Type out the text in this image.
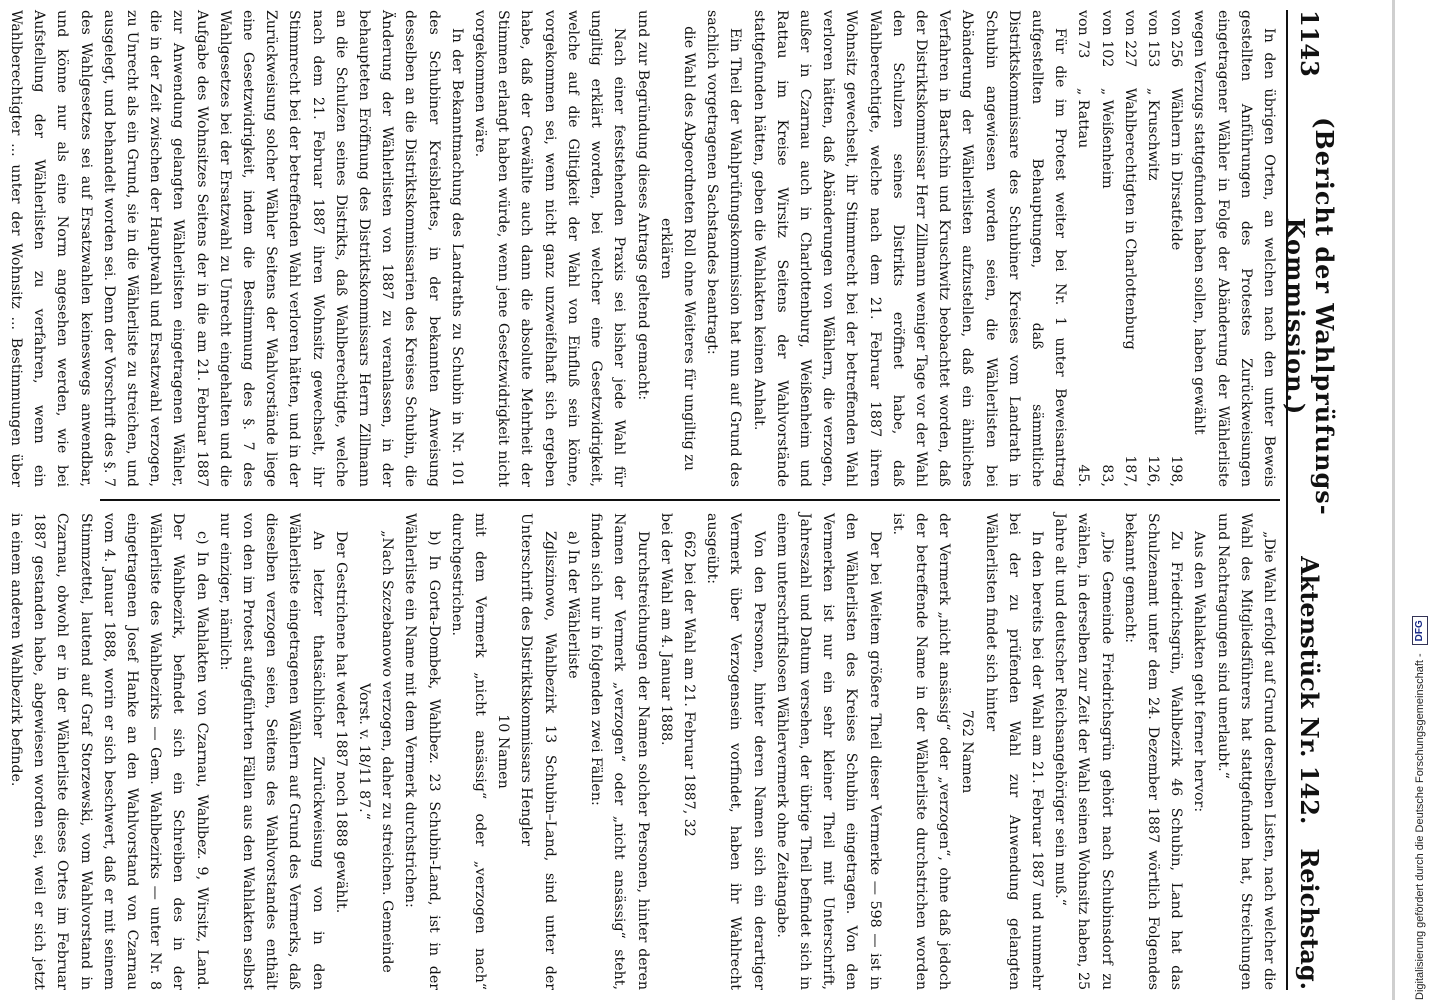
1143
(Bericht der Wahlprüfungs-Kommission.)
Aktenstück Nr. 142.
Reichstag.

In den übrigen Orten, an welchen nach den unter Beweis gestellten Anführungen des Protestes Zurückweisungen eingetragener Wähler in Folge der Abänderung der Wählerliste wegen Verzugs stattgefunden haben sollen, haben gewählt

von 256	Wählern in Dirsatfelde	198,
von 153	„ Kruschwitz	126,
von 227	Wahlberechtigten in Charlottenburg	187,
von 102	„ Weißenheim	83,
von 73	„ Rattau	45.

Für die im Protest weiter bei Nr. 1 unter Beweisantrag aufgestellten Behauptungen, daß sämmtliche Distriktskommissare des Schubiner Kreises vom Landrath in Schubin angewiesen worden seien, die Wählerlisten bei Abänderung der Wählerlisten aufzustellen, daß ein ähnliches Verfahren in Bartschin und Kruschwitz beobachtet worden, daß der Distriktskommissar Herr Zillmann weniger Tage vor der Wahl den Schulzen seines Distrikts eröffnet habe, daß Wahlberechtigte, welche nach dem 21. Februar 1887 ihren Wohnsitz gewechselt, ihr Stimmrecht bei der betreffenden Wahl verloren hätten, daß Abänderungen von Wählern, die verzogen, außer in Czarnau auch in Charlottenburg, Weißenheim und Rattau im Kreise Wirsitz Seitens der Wahlvorstände stattgefunden hätten, geben die Wahlakten keinen Anhalt.

Ein Theil der Wahlprüfungskommission hat nun auf Grund des sachlich vorgetragenen Sachstandes beantragt:

die Wahl des Abgeordneten Roll ohne Weiteres für ungiltig zu erklären

und zur Begründung dieses Antrags geltend gemacht:

Nach einer feststehenden Praxis sei bisher jede Wahl für ungiltig erklärt worden, bei welcher eine Gesetzwidrigkeit, welche auf die Giltigkeit der Wahl von Einfluß sein könne, vorgekommen sei, wenn nicht ganz unzweifelhaft sich ergeben habe, daß der Gewählte auch dann die absolute Mehrheit der Stimmen erlangt haben würde, wenn jene Gesetzwidrigkeit nicht vorgekommen wäre.

In der Bekanntmachung des Landraths zu Schubin in Nr. 101 des Schubiner Kreisblattes, in der bekannten Anweisung desselben an die Distriktskommissarien des Kreises Schubin, die Änderung der Wählerlisten von 1887 zu veranlassen, in der behaupteten Eröffnung des Distriktskommissars Herrn Zillmann an die Schulzen seines Distrikts, daß Wahlberechtigte, welche nach dem 21. Februar 1887 ihren Wohnsitz gewechselt, ihr Stimmrecht bei der betreffenden Wahl verloren hätten, und in der Zurückweisung solcher Wähler Seitens der Wahlvorstände liege eine Gesetzwidrigkeit, indem die Bestimmung des §. 7 des Wahlgesetzes bei der Ersatzwahl zu Unrecht eingehalten und die Aufgabe des Wohnsitzes Seitens der in die am 21. Februar 1887 zur Anwendung gelangten Wählerlisten eingetragenen Wähler, die in der Zeit zwischen der Hauptwahl und Ersatzwahl verzogen, zu Unrecht als ein Grund, sie in die Wählerliste zu streichen, und ausgelegt, und behandelt worden sei. Denn der Vorschrift des §. 7 des Wahlgesetzes sei auf Ersatzwahlen keineswegs anwendbar, und könne nur als eine Norm angesehen werden, wie bei Aufstellung der Wählerlisten zu verfahren, wenn ein Wahlberechtigter ... unter der Wohnsitz ... Bestimmungen über

„Die Wahl erfolgt auf Grund derselben Listen, nach welcher die Wahl des Mitgliedsführers hat stattgefunden hat, Streichungen und Nachtragungen sind unerlaubt.“

Aus den Wahlakten geht ferner hervor:

Zu Friedrichsgrün, Wahlbezirk 46 Schubin, Land hat das Schulzenamt unter dem 24. Dezember 1887 wörtlich Folgendes bekannt gemacht:

„Die Gemeinde Friedrichsgrün gehört nach Schubinsdorf zu wählen, in derselben zur Zeit der Wahl seinen Wohnsitz haben, 25 Jahre alt und deutscher Reichsangehöriger sein muß.“

In den bereits bei der Wahl am 21. Februar 1887 und nunmehr bei der zu prüfenden Wahl zur Anwendung gelangten Wählerlisten findet sich hinter

762 Namen

der Vermerk „nicht ansässig“ oder „verzogen“, ohne daß jedoch der betreffende Name in der Wählerliste durchstrichen worden ist.

Der bei Weitem größere Theil dieser Vermerke — 598 — ist in den Wählerlisten des Kreises Schubin eingetragen. Von den Vermerken ist nur ein sehr kleiner Theil mit Unterschrift, Jahreszahl und Datum versehen, der übrige Theil befindet sich in einem unterschriftslosen Wählervermerk ohne Zeitangabe.

Von den Personen, hinter deren Namen sich ein derartiger Vermerk über Verzogensein vorfindet, haben ihr Wahlrecht ausgeübt:

662 bei der Wahl am 21. Februar 1887, 32

bei der Wahl am 4. Januar 1888.

Durchstreichungen der Namen solcher Personen, hinter deren Namen der Vermerk „verzogen“ oder „nicht ansässig“ steht, finden sich nur in folgenden zwei Fällen:

a) In der Wählerliste

Zgliszinowo, Wahlbezirk 13 Schubin–Land, sind unter der Unterschrift des Distriktskommissars Hengler

10 Namen

mit dem Vermerk „nicht ansässig“ oder „verzogen nach“ durchgestrichen.

b) In Gorta-Dombek, Wahlbez. 23 Schubin-Land, ist in der Wählerliste ein Name mit dem Vermerk durchstrichen:

„Nach Szczebanowo verzogen, daher zu streichen. Gemeinde Vorst. v. 18/11 87.“

Der Gestrichene hat weder 1887 noch 1888 gewählt.

An letzter thatsächlicher Zurückweisung von in den Wählerliste eingetragenen Wählern auf Grund des Vermerks, daß dieselben verzogen seien, Seitens des Wahlvorstandes enthält von den im Protest aufgeführten Fällen aus den Wahlakten selbst nur einziger, nämlich:

c) In den Wahlakten von Czarnau, Wahlbez. 9, Wirsitz, Land. Der Wahlbezirk, befindet sich ein Schreiben des in der Wählerliste des Wahlbezirks — Gem. Wahlbezirks — unter Nr. 8 eingetragenen Josef Hanke an den Wahlvorstand von Czarnau vom 4. Januar 1888, worin er sich beschwert, daß er mit seinem Stimmzettel, lautend auf Graf Storzewski, vom Wahlvorstand in Czarnau, obwohl er in der Wählerliste dieses Ortes im Februar 1887 gestanden habe, abgewiesen worden sei, weil er sich jetzt in einem anderen Wahlbezirk befinde.

Digitalisierung gefördert durch die Deutsche Forschungsgemeinschaft -
DFG
